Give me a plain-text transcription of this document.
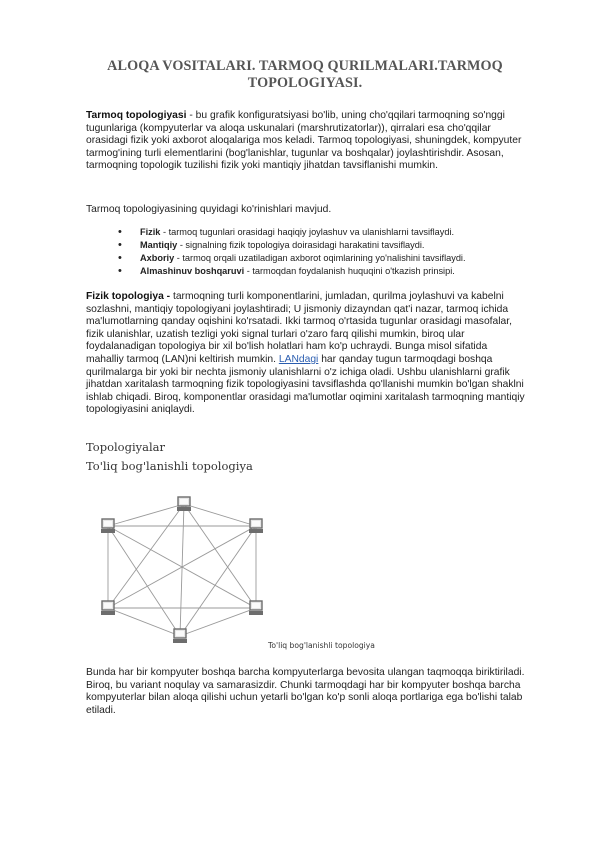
ALOQA VOSITALARI. TARMOQ QURILMALARI.TARMOQ
TOPOLOGIYASI.

Tarmoq topologiyasi - bu grafik konfiguratsiyasi bo'lib, uning cho'qqilari tarmoqning so'nggi tugunlariga (kompyuterlar va aloqa uskunalari (marshrutizatorlar)), qirralari esa cho'qqilar orasidagi fizik yoki axborot aloqalariga mos keladi. Tarmoq topologiyasi, shuningdek, kompyuter tarmog'ining turli elementlarini (bog'lanishlar, tugunlar va boshqalar) joylashtirishdir. Asosan, tarmoqning topologik tuzilishi fizik yoki mantiqiy jihatdan tavsiflanishi mumkin.

Tarmoq topologiyasining quyidagi ko'rinishlari mavjud.

• Fizik - tarmoq tugunlari orasidagi haqiqiy joylashuv va ulanishlarni tavsiflaydi.
• Mantiqiy - signalning fizik topologiya doirasidagi harakatini tavsiflaydi.
• Axboriy - tarmoq orqali uzatiladigan axborot oqimlarining yo'nalishini tavsiflaydi.
• Almashinuv boshqaruvi - tarmoqdan foydalanish huquqini o'tkazish prinsipi.

Fizik topologiya - tarmoqning turli komponentlarini, jumladan, qurilma joylashuvi va kabelni sozlashni, mantiqiy topologiyani joylashtiradi; U jismoniy dizayndan qat'i nazar, tarmoq ichida ma'lumotlarning qanday oqishini ko'rsatadi. Ikki tarmoq o'rtasida tugunlar orasidagi masofalar, fizik ulanishlar, uzatish tezligi yoki signal turlari o'zaro farq qilishi mumkin, biroq ular foydalanadigan topologiya bir xil bo'lish holatlari ham ko'p uchraydi. Bunga misol sifatida mahalliy tarmoq (LAN)ni keltirish mumkin. LANdagi har qanday tugun tarmoqdagi boshqa qurilmalarga bir yoki bir nechta jismoniy ulanishlarni o'z ichiga oladi. Ushbu ulanishlarni grafik jihatdan xaritalash tarmoqning fizik topologiyasini tavsiflashda qo'llanishi mumkin bo'lgan shaklni ishlab chiqadi. Biroq, komponentlar orasidagi ma'lumotlar oqimini xaritalash tarmoqning mantiqiy topologiyasini aniqlaydi.

Topologiyalar
To'liq bog'lanishli topologiya
To'liq bog'lanishli topologiya

Bunda har bir kompyuter boshqa barcha kompyuterlarga bevosita ulangan taqmoqqa biriktiriladi. Biroq, bu variant noqulay va samarasizdir. Chunki tarmoqdagi har bir kompyuter boshqa barcha kompyuterlar bilan aloqa qilishi uchun yetarli bo'lgan ko'p sonli aloqa portlariga ega bo'lishi talab etiladi.
